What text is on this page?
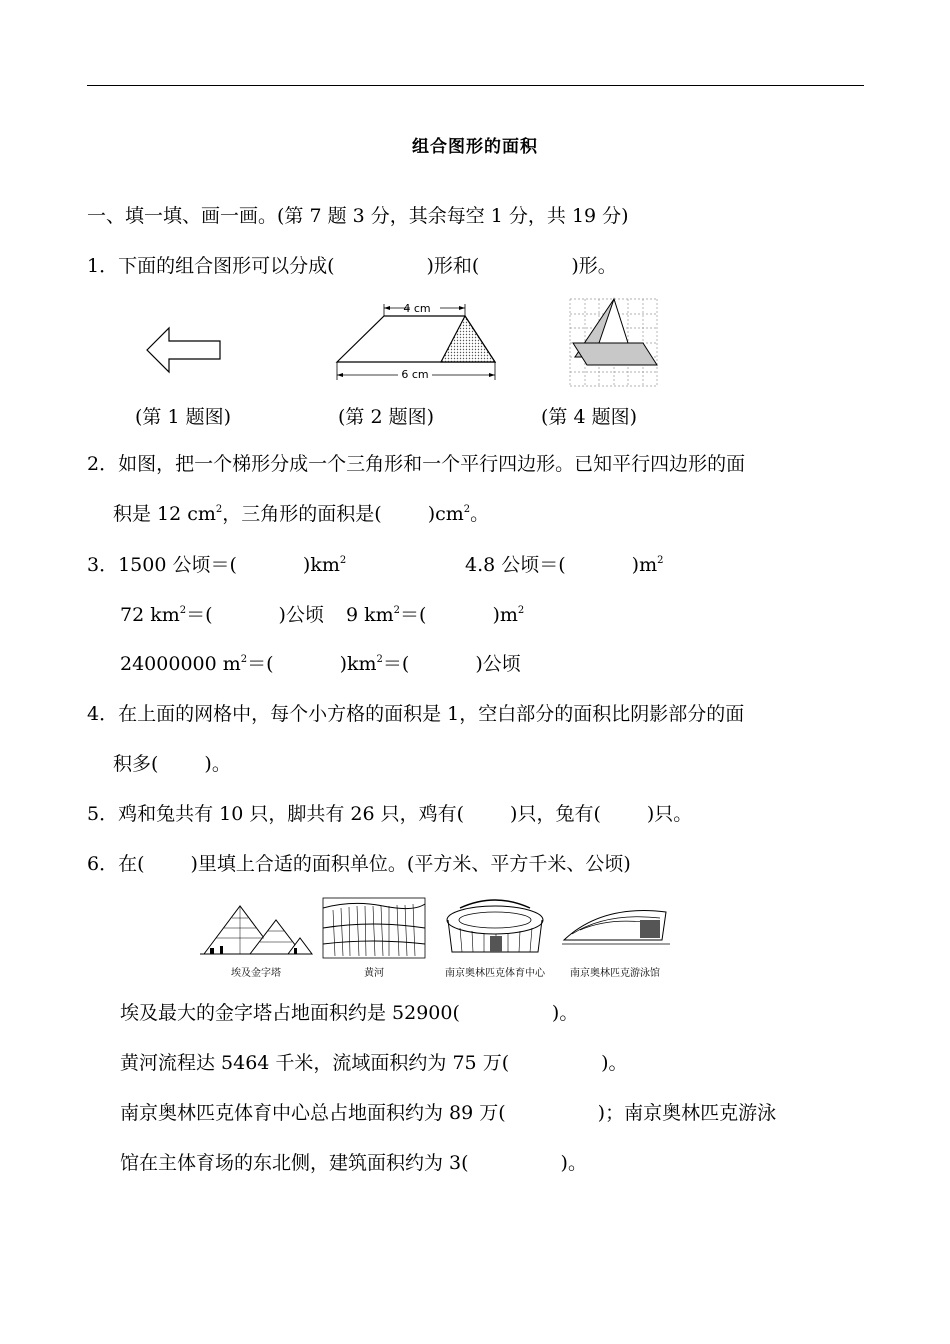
组合图形的面积
一、填一填、画一画。(第 7 题 3 分，其余每空 1 分，共 19 分)
1．下面的组合图形可以分成(	)形和(	)形。
4 cm
6 cm
(第 1 题图)	(第 2 题图)	(第 4 题图)
2．如图，把一个梯形分成一个三角形和一个平行四边形。已知平行四边形的面
积是 12 $cm^2$，三角形的面积是( )$cm^2$。
3．1500 公顷＝(	)$km^2$	4.8 公顷＝(	)$m^2$
72 $km^2=$(	)公顷 9 $km^2=$(	)$m^2$
24000000 $m^2=$(	)$km^2=$(	)公顷
4．在上面的网格中，每个小方格的面积是 1，空白部分的面积比阴影部分的面
积多( )。
5．鸡和兔共有 10 只，脚共有 26 只，鸡有( )只，兔有( )只。
6．在( )里填上合适的面积单位。(平方米、平方千米、公顷)
埃及金字塔	黄河	南京奥林匹克体育中心	南京奥林匹克游泳馆
埃及最大的金字塔占地面积约是 52900(	)。
黄河流程达 5464 千米，流域面积约为 75 万(	)。
南京奥林匹克体育中心总占地面积约为 89 万(	)；南京奥林匹克游泳
馆在主体育场的东北侧，建筑面积约为 3(	)。
